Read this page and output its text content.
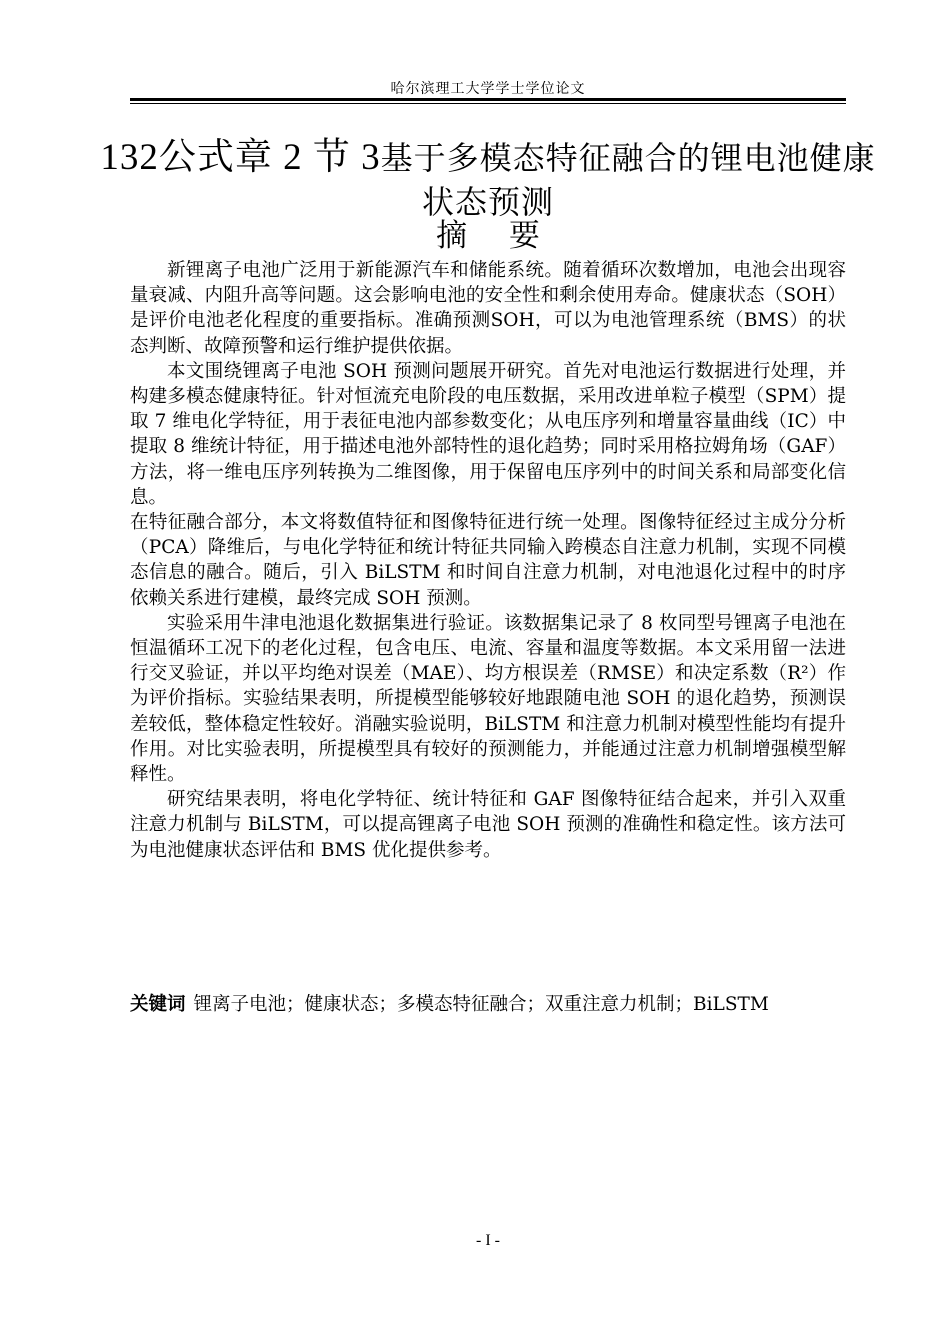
哈尔滨理工大学学士学位论文
132公式章 2 节 3基于多模态特征融合的锂电池健康状态预测
摘 要

新锂离子电池广泛用于新能源汽车和储能系统。随着循环次数增加，电池会出现容量衰减、内阻升高等问题。这会影响电池的安全性和剩余使用寿命。健康状态（SOH）是评价电池老化程度的重要指标。准确预测SOH，可以为电池管理系统（BMS）的状态判断、故障预警和运行维护提供依据。

本文围绕锂离子电池 SOH 预测问题展开研究。首先对电池运行数据进行处理，并构建多模态健康特征。针对恒流充电阶段的电压数据，采用改进单粒子模型（SPM）提取 7 维电化学特征，用于表征电池内部参数变化；从电压序列和增量容量曲线（IC）中提取 8 维统计特征，用于描述电池外部特性的退化趋势；同时采用格拉姆角场（GAF）方法，将一维电压序列转换为二维图像，用于保留电压序列中的时间关系和局部变化信息。

在特征融合部分，本文将数值特征和图像特征进行统一处理。图像特征经过主成分分析（PCA）降维后，与电化学特征和统计特征共同输入跨模态自注意力机制，实现不同模态信息的融合。随后，引入 BiLSTM 和时间自注意力机制，对电池退化过程中的时序依赖关系进行建模，最终完成 SOH 预测。

实验采用牛津电池退化数据集进行验证。该数据集记录了 8 枚同型号锂离子电池在恒温循环工况下的老化过程，包含电压、电流、容量和温度等数据。本文采用留一法进行交叉验证，并以平均绝对误差（MAE）、均方根误差（RMSE）和决定系数（R²）作为评价指标。实验结果表明，所提模型能够较好地跟随电池 SOH 的退化趋势，预测误差较低，整体稳定性较好。消融实验说明，BiLSTM 和注意力机制对模型性能均有提升作用。对比实验表明，所提模型具有较好的预测能力，并能通过注意力机制增强模型解释性。

研究结果表明，将电化学特征、统计特征和 GAF 图像特征结合起来，并引入双重注意力机制与 BiLSTM，可以提高锂离子电池 SOH 预测的准确性和稳定性。该方法可为电池健康状态评估和 BMS 优化提供参考。

关键词 锂离子电池；健康状态；多模态特征融合；双重注意力机制；BiLSTM
- I -
